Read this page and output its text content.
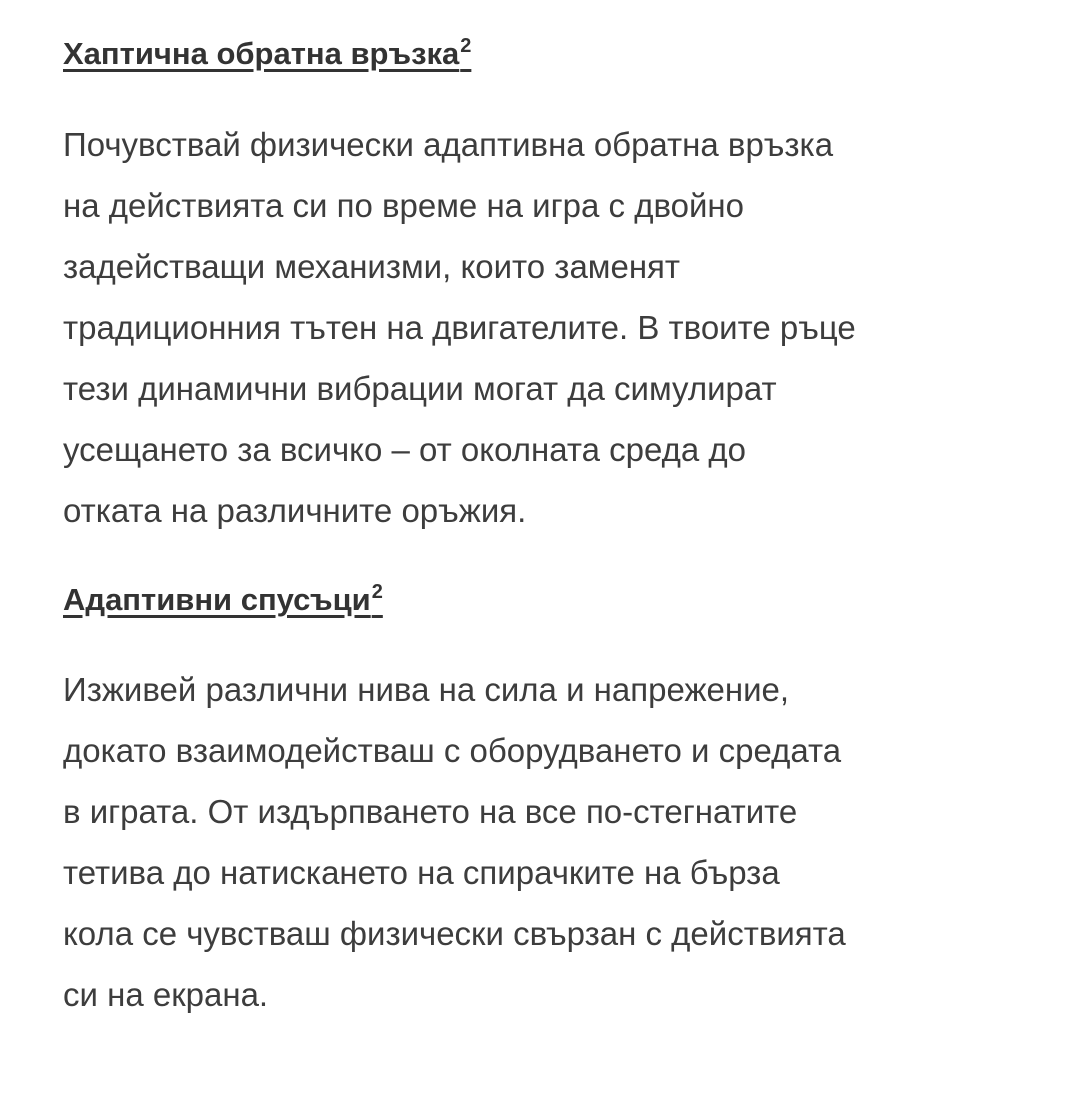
Хаптична обратна връзка$^2$

Почувствай физически адаптивна обратна връзка
на действията си по време на игра с двойно
задействащи механизми, които заменят
традиционния тътен на двигателите. В твоите ръце
тези динамични вибрации могат да симулират
усещането за всичко – от околната среда до
отката на различните оръжия.

Адаптивни спусъци$^2$

Изживей различни нива на сила и напрежение,
докато взаимодействаш с оборудването и средата
в играта. От издърпването на все по-стегнатите
тетива до натискането на спирачките на бърза
кола се чувстваш физически свързан с действията
си на екрана.
